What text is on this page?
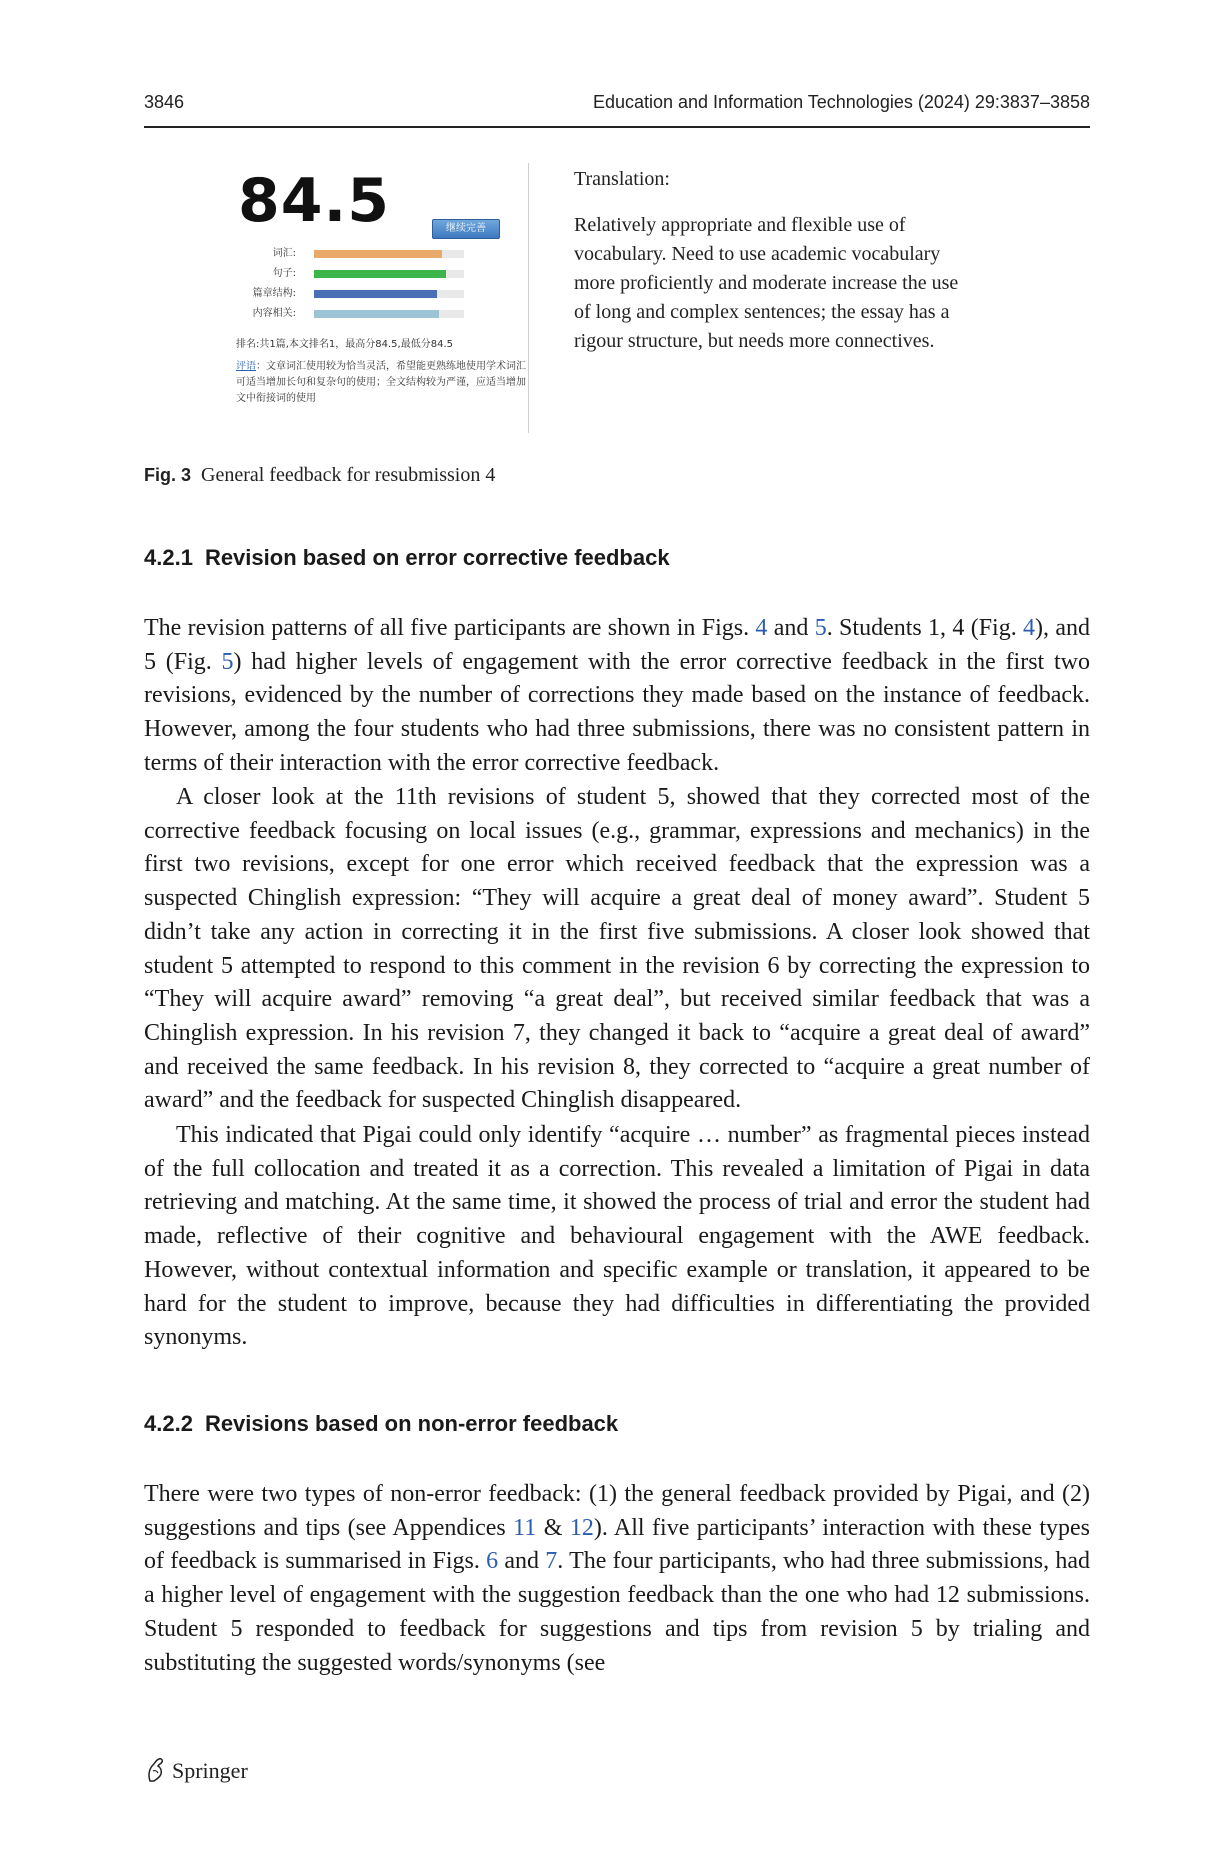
3846	Education and Information Technologies (2024) 29:3837–3858
84.5	继续完善
词汇:
句子:
篇章结构:
内容相关:
排名:共1篇,本文排名1，最高分84.5,最低分84.5
评语：文章词汇使用较为恰当灵活，希望能更熟练地使用学术词汇可适当增加长句和复杂句的使用；全文结构较为严谨，应适当增加文中衔接词的使用
Translation:
Relatively appropriate and flexible use of
vocabulary. Need to use academic vocabulary
more proficiently and moderate increase the use
of long and complex sentences; the essay has a
rigour structure, but needs more connectives.
Fig. 3 General feedback for resubmission 4
4.2.1 Revision based on error corrective feedback
The revision patterns of all five participants are shown in Figs. 4 and 5. Students 1, 4 (Fig. 4), and 5 (Fig. 5) had higher levels of engagement with the error corrective feedback in the first two revisions, evidenced by the number of corrections they made based on the instance of feedback. However, among the four students who had three submissions, there was no consistent pattern in terms of their interaction with the error corrective feedback.
A closer look at the 11th revisions of student 5, showed that they corrected most of the corrective feedback focusing on local issues (e.g., grammar, expressions and mechanics) in the first two revisions, except for one error which received feedback that the expression was a suspected Chinglish expression: “They will acquire a great deal of money award”. Student 5 didn’t take any action in correcting it in the first five submissions. A closer look showed that student 5 attempted to respond to this comment in the revision 6 by correcting the expression to “They will acquire award” removing “a great deal”, but received similar feedback that was a Chinglish expression. In his revision 7, they changed it back to “acquire a great deal of award” and received the same feedback. In his revision 8, they corrected to “acquire a great number of award” and the feedback for suspected Chinglish disappeared.
This indicated that Pigai could only identify “acquire … number” as fragmental pieces instead of the full collocation and treated it as a correction. This revealed a limitation of Pigai in data retrieving and matching. At the same time, it showed the process of trial and error the student had made, reflective of their cognitive and behavioural engagement with the AWE feedback. However, without contextual information and specific example or translation, it appeared to be hard for the student to improve, because they had difficulties in differentiating the provided synonyms.
4.2.2 Revisions based on non-error feedback
There were two types of non-error feedback: (1) the general feedback provided by Pigai, and (2) suggestions and tips (see Appendices 11 & 12). All five participants’ interaction with these types of feedback is summarised in Figs. 6 and 7. The four participants, who had three submissions, had a higher level of engagement with the suggestion feedback than the one who had 12 submissions. Student 5 responded to feedback for suggestions and tips from revision 5 by trialing and substituting the suggested words/synonyms (see
Springer
